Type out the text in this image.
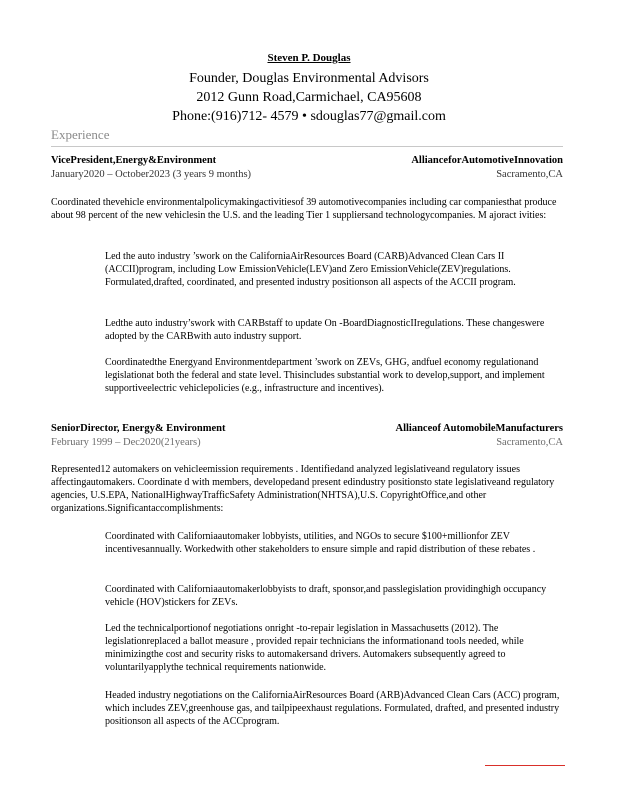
Steven P. Douglas
Founder, Douglas Environmental Advisors
2012 Gunn Road,Carmichael, CA95608
Phone:(916)712- 4579 • sdouglas77@gmail.com
Experience
VicePresident,Energy&Environment	AllianceforAutomotiveInnovation
January2020 – October2023 (3 years 9 months)	Sacramento,CA
Coordinated thevehicle environmentalpolicymakingactivitiesof 39 automotivecompanies including car companiesthat produce about 98 percent of the new vehiclesin the U.S. and the leading Tier 1 suppliersand technologycompanies. M ajoract ivities:
Led the auto industry ’swork on the CaliforniaAirResources Board (CARB)Advanced Clean Cars II (ACCII)program, including Low EmissionVehicle(LEV)and Zero EmissionVehicle(ZEV)regulations. Formulated,drafted, coordinated, and presented industry positionson all aspects of the ACCII program.
Ledthe auto industry’swork with CARBstaff to update On -BoardDiagnosticIIregulations. These changeswere adopted by the CARBwith auto industry support.
Coordinatedthe Energyand Environmentdepartment ’swork on ZEVs, GHG, andfuel economy regulationand legislationat both the federal and state level. Thisincludes substantial work to develop,support, and implement supportiveelectric vehiclepolicies (e.g., infrastructure and incentives).
SeniorDirector, Energy& Environment	Allianceof AutomobileManufacturers
February 1999 – Dec2020(21years)	Sacramento,CA
Represented12 automakers on vehicleemission requirements . Identifiedand analyzed legislativeand regulatory issues affectingautomakers. Coordinate d with members, developedand present edindustry positionsto state legislativeand regulatory agencies, U.S.EPA, NationalHighwayTrafficSafety Administration(NHTSA),U.S. CopyrightOffice,and other organizations.Significantaccomplishments:
Coordinated with Californiaautomaker lobbyists, utilities, and NGOs to secure $100+millionfor ZEV incentivesannually. Workedwith other stakeholders to ensure simple and rapid distribution of these rebates .
Coordinated with Californiaautomakerlobbyists to draft, sponsor,and passlegislation providinghigh occupancy vehicle (HOV)stickers for ZEVs.
Led the technicalportionof negotiations onright -to-repair legislation in Massachusetts (2012). The legislationreplaced a ballot measure , provided repair technicians the informationand tools needed, while minimizingthe cost and security risks to automakersand drivers. Automakers subsequently agreed to voluntarilyapplythe technical requirements nationwide.
Headed industry negotiations on the CaliforniaAirResources Board (ARB)Advanced Clean Cars (ACC) program, which includes ZEV,greenhouse gas, and tailpipeexhaust regulations. Formulated, drafted, and presented industry positionson all aspects of the ACCprogram.
